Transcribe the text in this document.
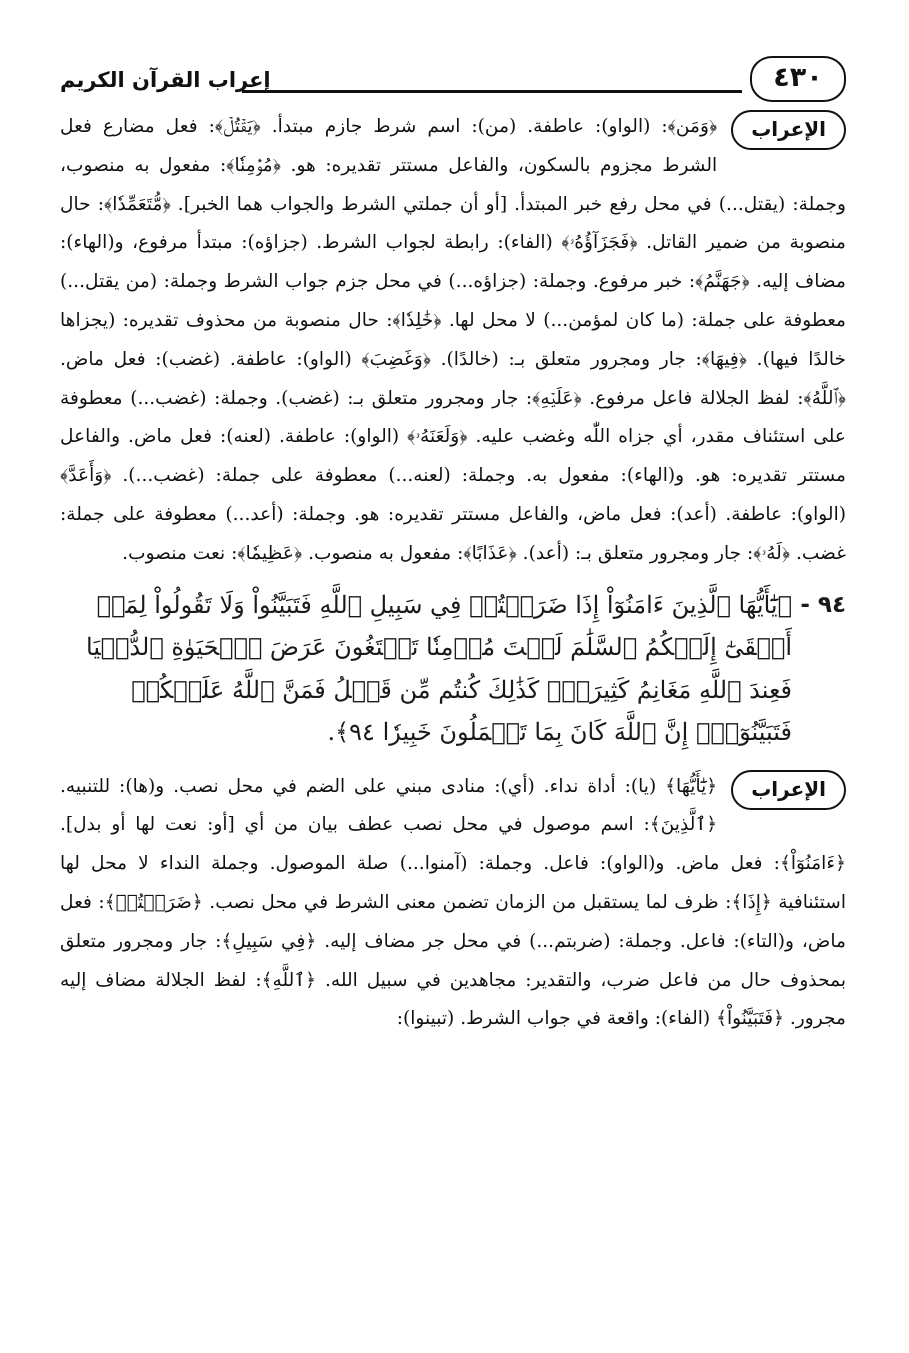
٤٣٠
إعراب القرآن الكريم
الإعراب
﴿وَمَن﴾: (الواو): عاطفة. (من): اسم شرط جازم مبتدأ. ﴿يَقۡتُلۡ﴾: فعل مضارع فعل الشرط مجزوم بالسكون، والفاعل مستتر تقديره: هو. ﴿مُؤۡمِنٗا﴾: مفعول به منصوب، وجملة: (يقتل...) في محل رفع خبر المبتدأ. [أو أن جملتي الشرط والجواب هما الخبر]. ﴿مُّتَعَمِّدٗا﴾: حال منصوبة من ضمير القاتل. ﴿فَجَزَآؤُهُۥ﴾ (الفاء): رابطة لجواب الشرط. (جزاؤه): مبتدأ مرفوع، و(الهاء): مضاف إليه. ﴿جَهَنَّمُ﴾: خبر مرفوع. وجملة: (جزاؤه...) في محل جزم جواب الشرط وجملة: (من يقتل...) معطوفة على جملة: (ما كان لمؤمن...) لا محل لها. ﴿خَٰلِدٗا﴾: حال منصوبة من محذوف تقديره: (يجزاها خالدًا فيها). ﴿فِيهَا﴾: جار ومجرور متعلق بـ: (خالدًا). ﴿وَغَضِبَ﴾ (الواو): عاطفة. (غضب): فعل ماض. ﴿ٱللَّهُ﴾: لفظ الجلالة فاعل مرفوع. ﴿عَلَيۡهِ﴾: جار ومجرور متعلق بـ: (غضب). وجملة: (غضب...) معطوفة على استئناف مقدر، أي جزاه اللّٰه وغضب عليه. ﴿وَلَعَنَهُۥ﴾ (الواو): عاطفة. (لعنه): فعل ماض. والفاعل مستتر تقديره: هو. و(الهاء): مفعول به. وجملة: (لعنه...) معطوفة على جملة: (غضب...). ﴿وَأَعَدَّ﴾ (الواو): عاطفة. (أعد): فعل ماض، والفاعل مستتر تقديره: هو. وجملة: (أعد...) معطوفة على جملة: غضب. ﴿لَهُۥ﴾: جار ومجرور متعلق بـ: (أعد). ﴿عَذَابًا﴾: مفعول به منصوب. ﴿عَظِيمٗا﴾: نعت منصوب.
٩٤ -
﴿يَٰٓأَيُّهَا ٱلَّذِينَ ءَامَنُوٓاْ إِذَا ضَرَبۡتُمۡ فِي سَبِيلِ ٱللَّهِ فَتَبَيَّنُواْ وَلَا تَقُولُواْ لِمَنۡ أَلۡقَىٰٓ إِلَيۡكُمُ ٱلسَّلَٰمَ لَسۡتَ مُؤۡمِنٗا تَبۡتَغُونَ عَرَضَ ٱلۡحَيَوٰةِ ٱلدُّنۡيَا فَعِندَ ٱللَّهِ مَغَانِمُ كَثِيرَةٞۚ كَذَٰلِكَ كُنتُم مِّن قَبۡلُ فَمَنَّ ٱللَّهُ عَلَيۡكُمۡ فَتَبَيَّنُوٓاْۚ إِنَّ ٱللَّهَ كَانَ بِمَا تَعۡمَلُونَ خَبِيرٗا ٩٤﴾.
الإعراب
﴿يَٰٓأَيُّهَا﴾ (يا): أداة نداء. (أي): منادى مبني على الضم في محل نصب. و(ها): للتنبيه. ﴿ٱلَّذِينَ﴾: اسم موصول في محل نصب عطف بيان من أي [أو: نعت لها أو بدل]. ﴿ءَامَنُوٓاْ﴾: فعل ماض. و(الواو): فاعل. وجملة: (آمنوا...) صلة الموصول. وجملة النداء لا محل لها استئنافية ﴿إِذَا﴾: ظرف لما يستقبل من الزمان تضمن معنى الشرط في محل نصب. ﴿ضَرَبۡتُمۡ﴾: فعل ماض، و(التاء): فاعل. وجملة: (ضربتم...) في محل جر مضاف إليه. ﴿فِي سَبِيلِ﴾: جار ومجرور متعلق بمحذوف حال من فاعل ضرب، والتقدير: مجاهدين في سبيل الله. ﴿ٱللَّهِ﴾: لفظ الجلالة مضاف إليه مجرور. ﴿فَتَبَيَّنُواْ﴾ (الفاء): واقعة في جواب الشرط. (تبينوا):
